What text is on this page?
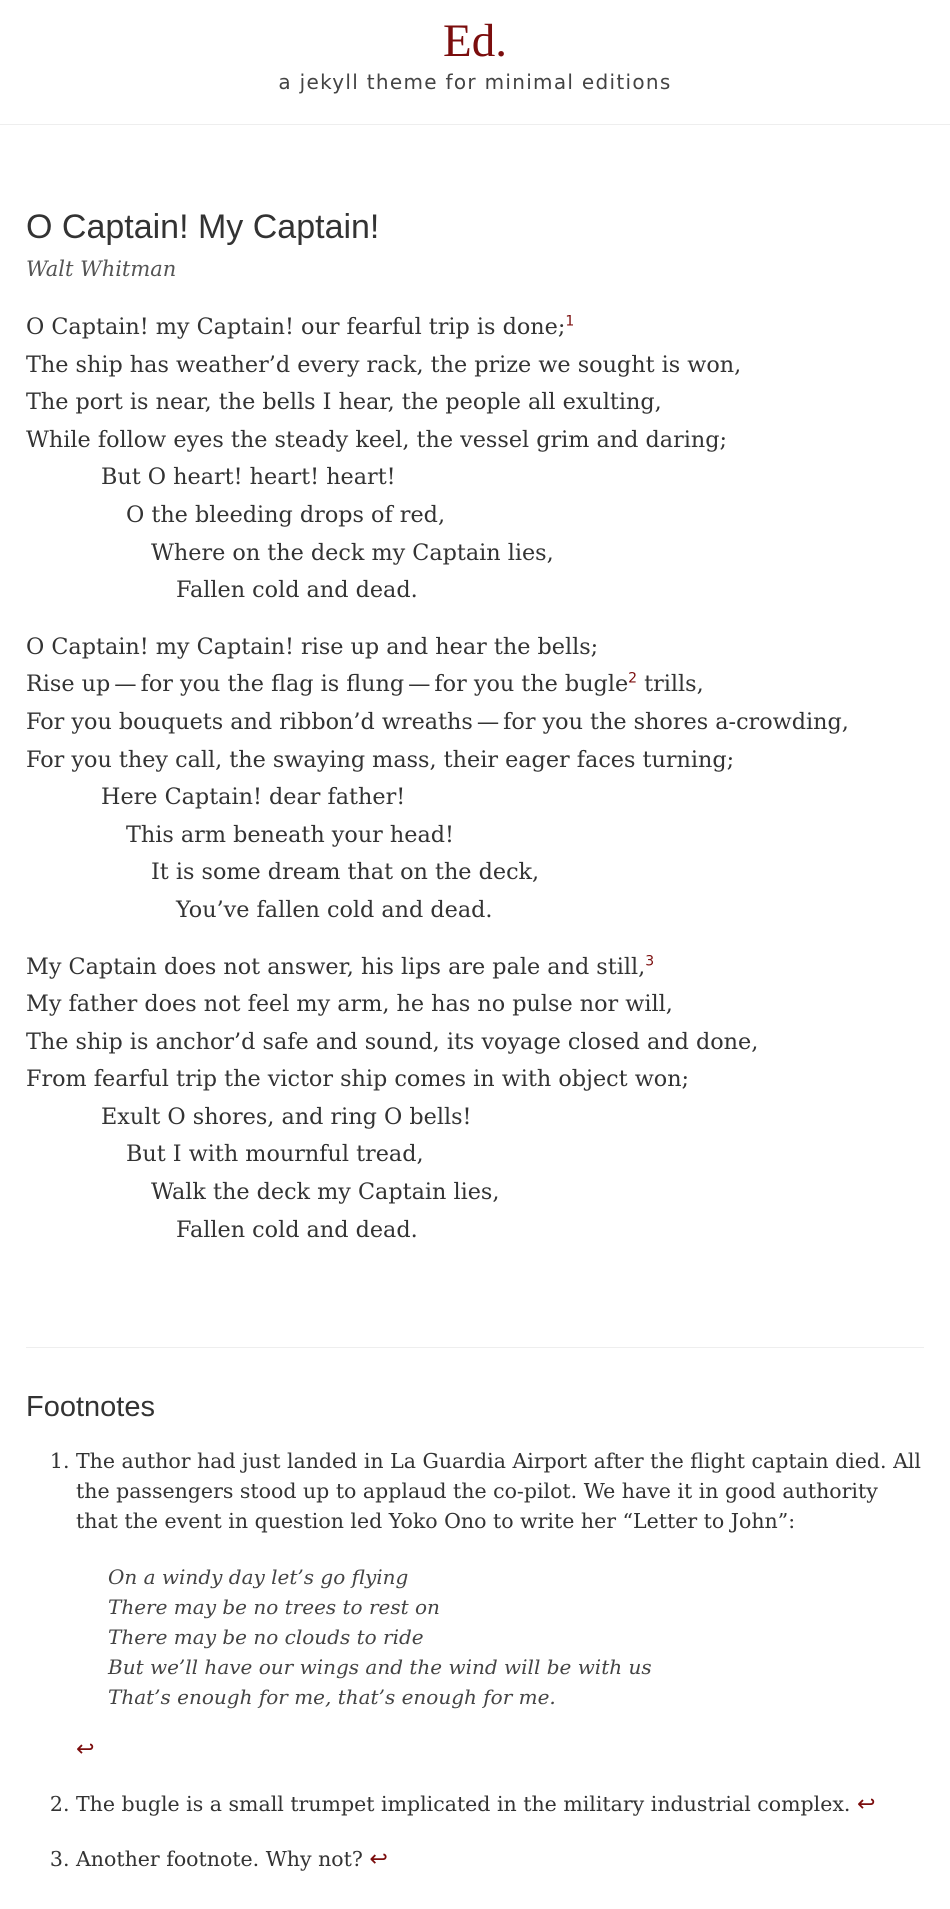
Ed.
a jekyll theme for minimal editions
O Captain! My Captain!
Walt Whitman
O Captain! my Captain! our fearful trip is done;$^1$
The ship has weather’d every rack, the prize we sought is won,
The port is near, the bells I hear, the people all exulting,
While follow eyes the steady keel, the vessel grim and daring;
But O heart! heart! heart!
O the bleeding drops of red,
Where on the deck my Captain lies,
Fallen cold and dead.
O Captain! my Captain! rise up and hear the bells;
Rise up — for you the flag is flung — for you the bugle$^2$ trills,
For you bouquets and ribbon’d wreaths — for you the shores a-crowding,
For you they call, the swaying mass, their eager faces turning;
Here Captain! dear father!
This arm beneath your head!
It is some dream that on the deck,
You’ve fallen cold and dead.
My Captain does not answer, his lips are pale and still,$^3$
My father does not feel my arm, he has no pulse nor will,
The ship is anchor’d safe and sound, its voyage closed and done,
From fearful trip the victor ship comes in with object won;
Exult O shores, and ring O bells!
But I with mournful tread,
Walk the deck my Captain lies,
Fallen cold and dead.
Footnotes

1. The author had just landed in La Guardia Airport after the flight captain died. All the passengers stood up to applaud the co-pilot. We have it in good authority that the event in question led Yoko Ono to write her “Letter to John”:

On a windy day let’s go flying
There may be no trees to rest on
There may be no clouds to ride
But we’ll have our wings and the wind will be with us
That’s enough for me, that’s enough for me.
↩

2. The bugle is a small trumpet implicated in the military industrial complex. ↩

3. Another footnote. Why not? ↩
